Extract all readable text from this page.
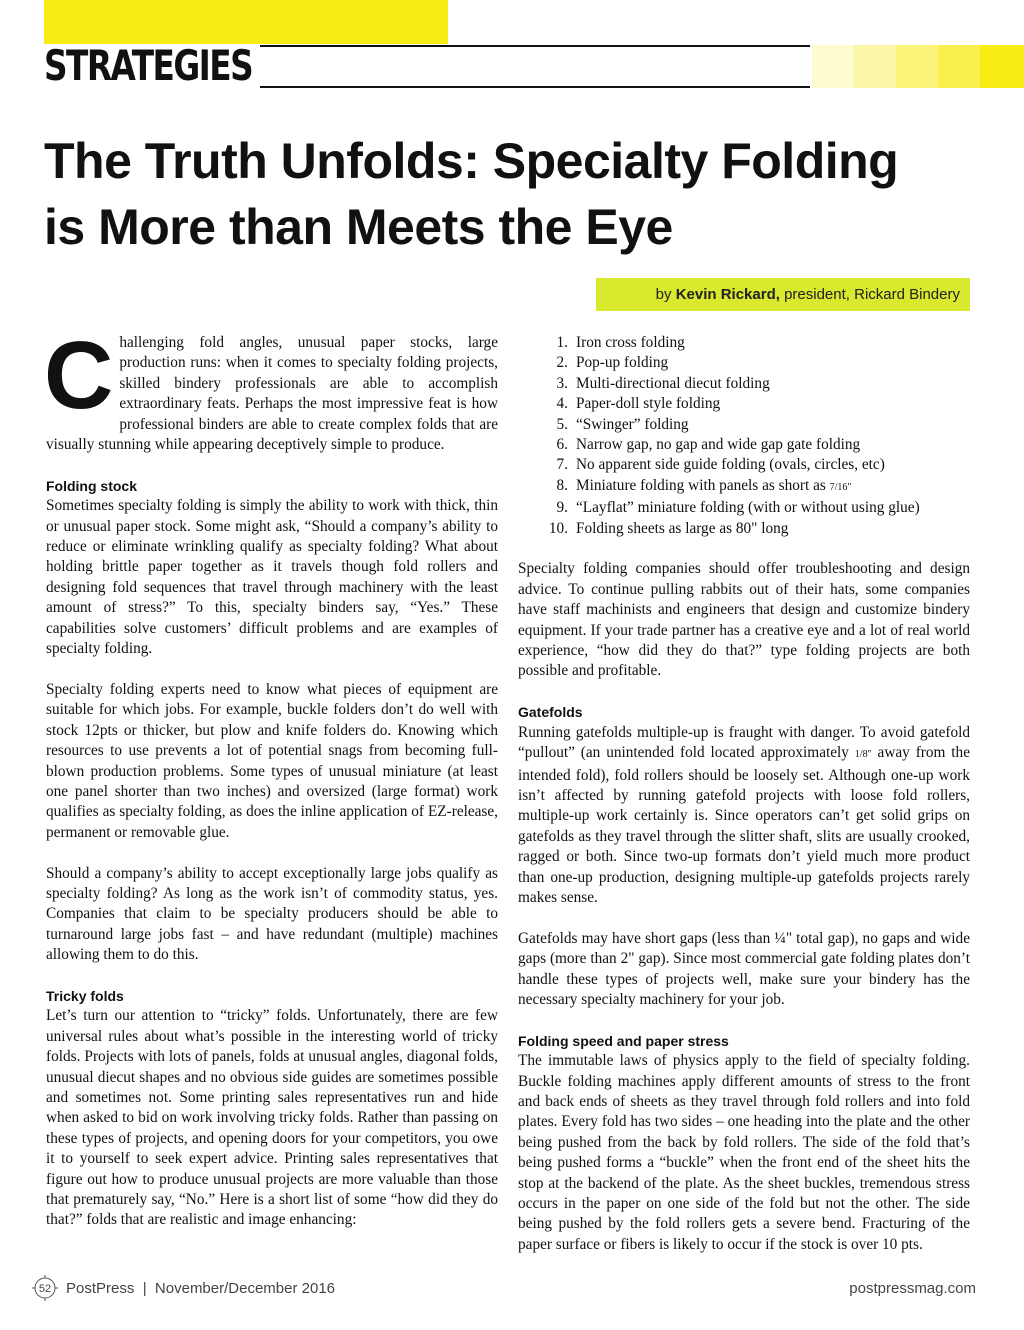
STRATEGIES
The Truth Unfolds: Specialty Folding
is More than Meets the Eye
by Kevin Rickard, president, Rickard Bindery

Challenging fold angles, unusual paper stocks, large production runs: when it comes to specialty folding projects, skilled bindery professionals are able to accomplish extraordinary feats. Perhaps the most impressive feat is how professional binders are able to create complex folds that are visually stunning while appearing deceptively simple to produce.

Folding stock

Sometimes specialty folding is simply the ability to work with thick, thin or unusual paper stock. Some might ask, “Should a company’s ability to reduce or eliminate wrinkling qualify as specialty folding? What about holding brittle paper together as it travels though fold rollers and designing fold sequences that travel through machinery with the least amount of stress?” To this, specialty binders say, “Yes.” These capabilities solve customers’ difficult problems and are examples of specialty folding.

Specialty folding experts need to know what pieces of equipment are suitable for which jobs. For example, buckle folders don’t do well with stock 12pts or thicker, but plow and knife folders do. Knowing which resources to use prevents a lot of potential snags from becoming full-blown production problems. Some types of unusual miniature (at least one panel shorter than two inches) and oversized (large format) work qualifies as specialty folding, as does the inline application of EZ-release, permanent or removable glue.

Should a company’s ability to accept exceptionally large jobs qualify as specialty folding? As long as the work isn’t of commodity status, yes. Companies that claim to be specialty producers should be able to turnaround large jobs fast – and have redundant (multiple) machines allowing them to do this.

Tricky folds

Let’s turn our attention to “tricky” folds. Unfortunately, there are few universal rules about what’s possible in the interesting world of tricky folds. Projects with lots of panels, folds at unusual angles, diagonal folds, unusual diecut shapes and no obvious side guides are sometimes possible and sometimes not. Some printing sales representatives run and hide when asked to bid on work involving tricky folds. Rather than passing on these types of projects, and opening doors for your competitors, you owe it to yourself to seek expert advice. Printing sales representatives that figure out how to produce unusual projects are more valuable than those that prematurely say, “No.” Here is a short list of some “how did they do that?” folds that are realistic and image enhancing:

1. Iron cross folding
2. Pop-up folding
3. Multi-directional diecut folding
4. Paper-doll style folding
5. “Swinger” folding
6. Narrow gap, no gap and wide gap gate folding
7. No apparent side guide folding (ovals, circles, etc)
8. Miniature folding with panels as short as 7/16"
9. “Layflat” miniature folding (with or without using glue)
10. Folding sheets as large as 80" long

Specialty folding companies should offer troubleshooting and design advice. To continue pulling rabbits out of their hats, some companies have staff machinists and engineers that design and customize bindery equipment. If your trade partner has a creative eye and a lot of real world experience, “how did they do that?” type folding projects are both possible and profitable.

Gatefolds

Running gatefolds multiple-up is fraught with danger. To avoid gatefold “pullout” (an unintended fold located approximately 1/8" away from the intended fold), fold rollers should be loosely set. Although one-up work isn’t affected by running gatefold projects with loose fold rollers, multiple-up work certainly is. Since operators can’t get solid grips on gatefolds as they travel through the slitter shaft, slits are usually crooked, ragged or both. Since two-up formats don’t yield much more product than one-up production, designing multiple-up gatefolds projects rarely makes sense.

Gatefolds may have short gaps (less than ¼" total gap), no gaps and wide gaps (more than 2" gap). Since most commercial gate folding plates don’t handle these types of projects well, make sure your bindery has the necessary specialty machinery for your job.

Folding speed and paper stress

The immutable laws of physics apply to the field of specialty folding. Buckle folding machines apply different amounts of stress to the front and back ends of sheets as they travel through fold rollers and into fold plates. Every fold has two sides – one heading into the plate and the other being pushed from the back by fold rollers. The side of the fold that’s being pushed forms a “buckle” when the front end of the sheet hits the stop at the backend of the plate. As the sheet buckles, tremendous stress occurs in the paper on one side of the fold but not the other. The side being pushed by the fold rollers gets a severe bend. Fracturing of the paper surface or fibers is likely to occur if the stock is over 10 pts.

52 PostPress  |  November/December 2016	postpressmag.com
